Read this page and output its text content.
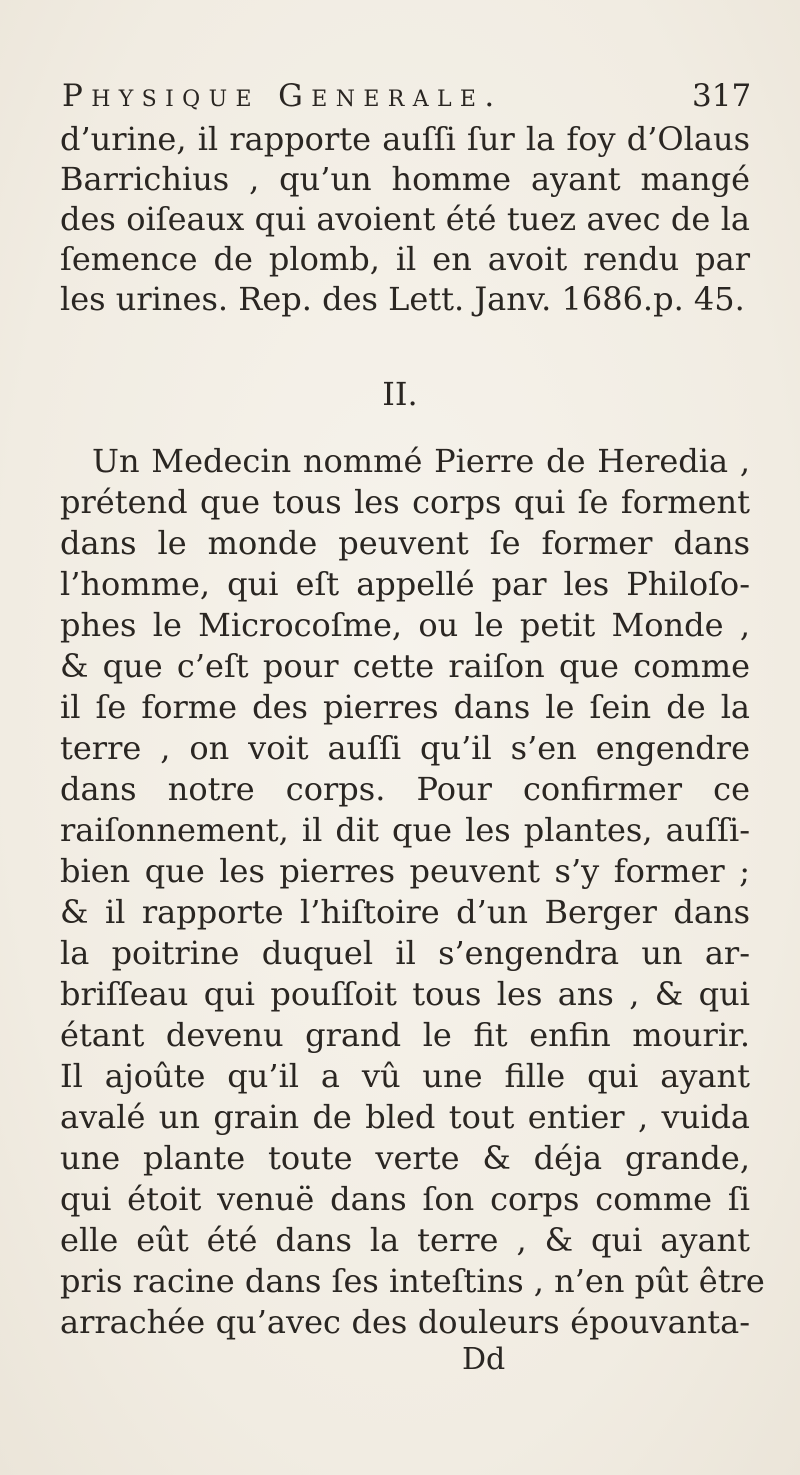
Physique Generale.	317
d’urine, il rapporte auſſi ſur la foy d’Olaus
Barrichius , qu’un homme ayant mangé
des oiſeaux qui avoient été tuez avec de la
ſemence de plomb, il en avoit rendu par
les urines. Rep. des Lett. Janv. 1686.p. 45.
II.
Un Medecin nommé Pierre de Heredia ,
prétend que tous les corps qui ſe forment
dans le monde peuvent ſe former dans
l’homme, qui eſt appellé par les Philoſo-
phes le Microcoſme, ou le petit Monde ,
& que c’eſt pour cette raiſon que comme
il ſe forme des pierres dans le ſein de la
terre , on voit auſſi qu’il s’en engendre
dans notre corps. Pour confirmer ce
raiſonnement, il dit que les plantes, auſſi-
bien que les pierres peuvent s’y former ;
& il rapporte l’hiſtoire d’un Berger dans
la poitrine duquel il s’engendra un ar-
briſſeau qui pouſſoit tous les ans , & qui
étant devenu grand le fit enfin mourir.
Il ajoûte qu’il a vû une fille qui ayant
avalé un grain de bled tout entier , vuida
une plante toute verte & déja grande,
qui étoit venuë dans ſon corps comme ſi
elle eût été dans la terre , & qui ayant
pris racine dans ſes inteſtins , n’en pût être
arrachée qu’avec des douleurs épouvanta-
Dd
